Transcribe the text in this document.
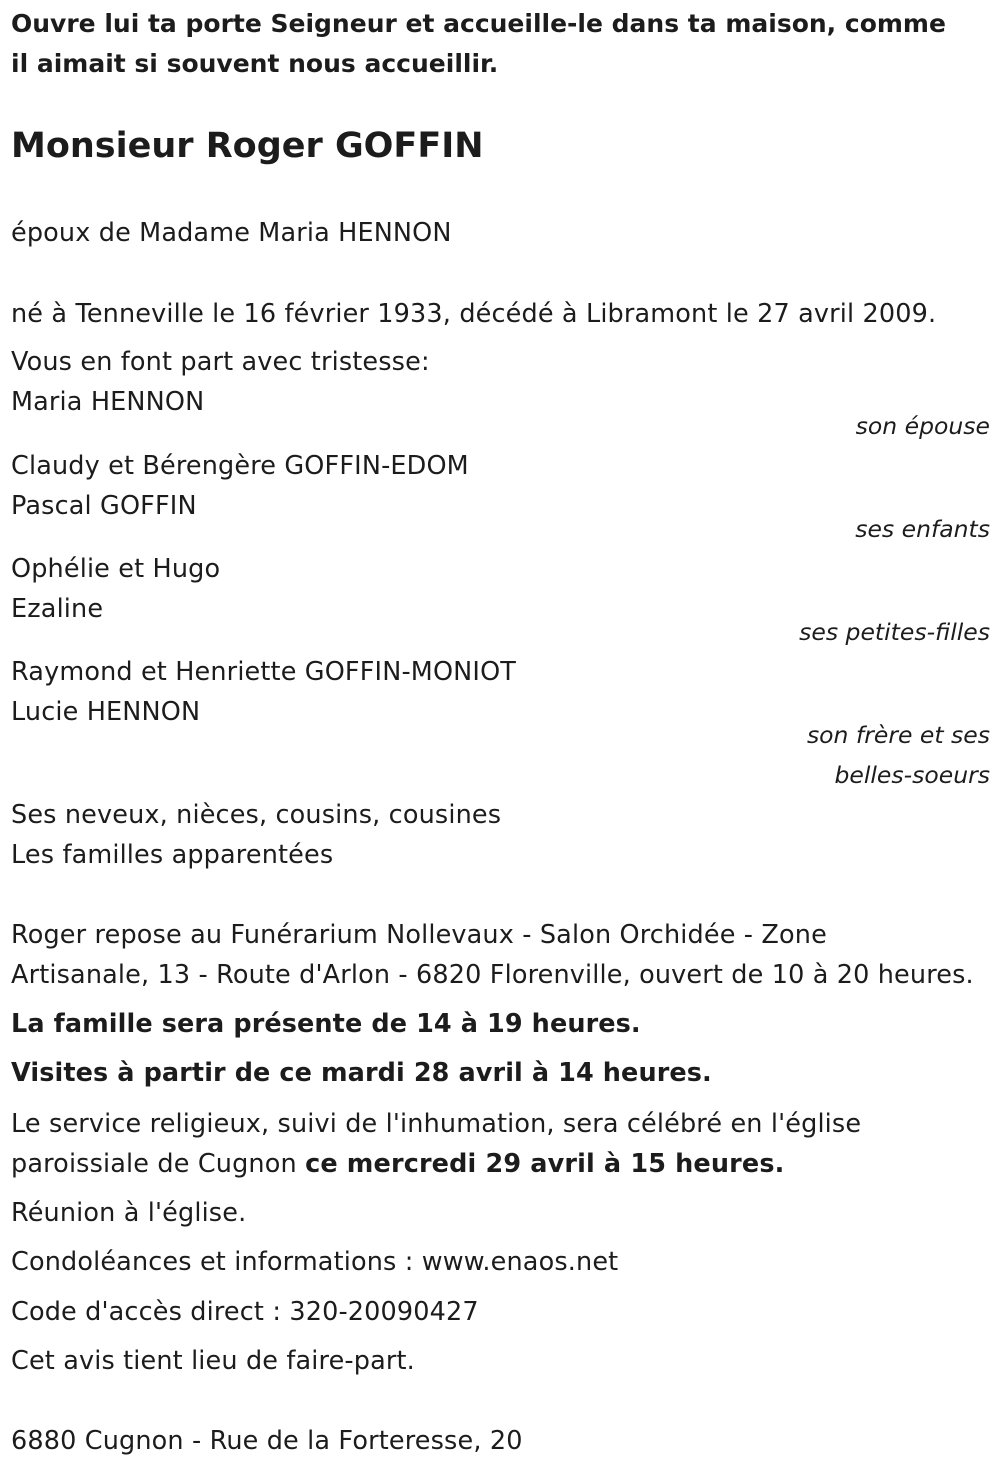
Ouvre lui ta porte Seigneur et accueille-le dans ta maison, comme il aimait si souvent nous accueillir.
Monsieur Roger GOFFIN
époux de Madame Maria HENNON
né à Tenneville le 16 février 1933, décédé à Libramont le 27 avril 2009.
Vous en font part avec tristesse:
Maria HENNON
son épouse
Claudy et Bérengère GOFFIN-EDOM
Pascal GOFFIN
ses enfants
Ophélie et Hugo
Ezaline
ses petites-filles
Raymond et Henriette GOFFIN-MONIOT
Lucie HENNON
son frère et ses
belles-soeurs
Ses neveux, nièces, cousins, cousines
Les familles apparentées
Roger repose au Funérarium Nollevaux - Salon Orchidée - Zone
Artisanale, 13 - Route d'Arlon - 6820 Florenville, ouvert de 10 à 20 heures.
La famille sera présente de 14 à 19 heures.
Visites à partir de ce mardi 28 avril à 14 heures.
Le service religieux, suivi de l'inhumation, sera célébré en l'église
paroissiale de Cugnon ce mercredi 29 avril à 15 heures.
Réunion à l'église.
Condoléances et informations : www.enaos.net
Code d'accès direct : 320-20090427
Cet avis tient lieu de faire-part.
6880 Cugnon - Rue de la Forteresse, 20
